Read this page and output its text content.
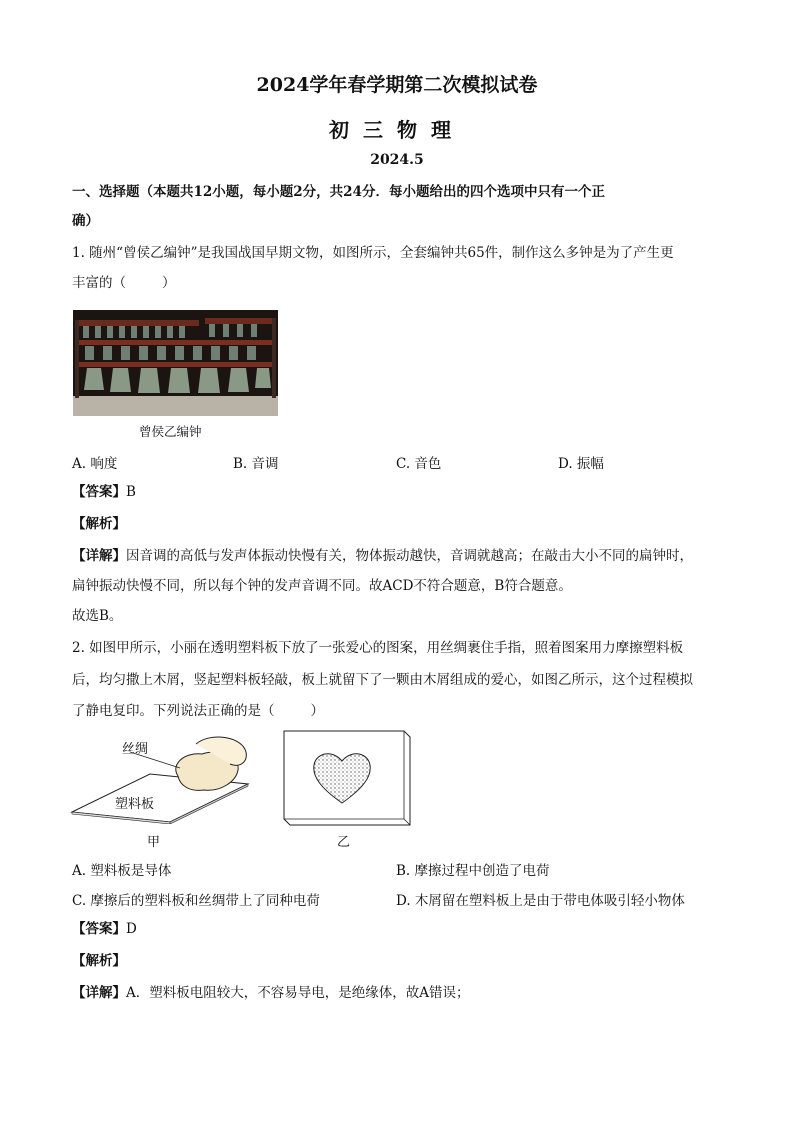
2024学年春学期第二次模拟试卷
初三物理
2024.5
一、选择题（本题共12小题，每小题2分，共24分．每小题给出的四个选项中只有一个正
确）
1. 随州“曾侯乙编钟”是我国战国早期文物，如图所示，全套编钟共65件，制作这么多钟是为了产生更
丰富的（	）
曾侯乙编钟
A. 响度	B. 音调	C. 音色	D. 振幅
【答案】B
【解析】
【详解】因音调的高低与发声体振动快慢有关，物体振动越快，音调就越高；在敲击大小不同的扁钟时，
扁钟振动快慢不同，所以每个钟的发声音调不同。故ACD不符合题意，B符合题意。
故选B。
2. 如图甲所示，小丽在透明塑料板下放了一张爱心的图案，用丝绸裹住手指，照着图案用力摩擦塑料板
后，均匀撒上木屑，竖起塑料板轻敲，板上就留下了一颗由木屑组成的爱心，如图乙所示，这个过程模拟
了静电复印。下列说法正确的是（	）
丝绸
塑料板
甲	乙
A. 塑料板是导体	B. 摩擦过程中创造了电荷
C. 摩擦后的塑料板和丝绸带上了同种电荷	D. 木屑留在塑料板上是由于带电体吸引轻小物体
【答案】D
【解析】
【详解】A．塑料板电阻较大，不容易导电，是绝缘体，故A错误；
